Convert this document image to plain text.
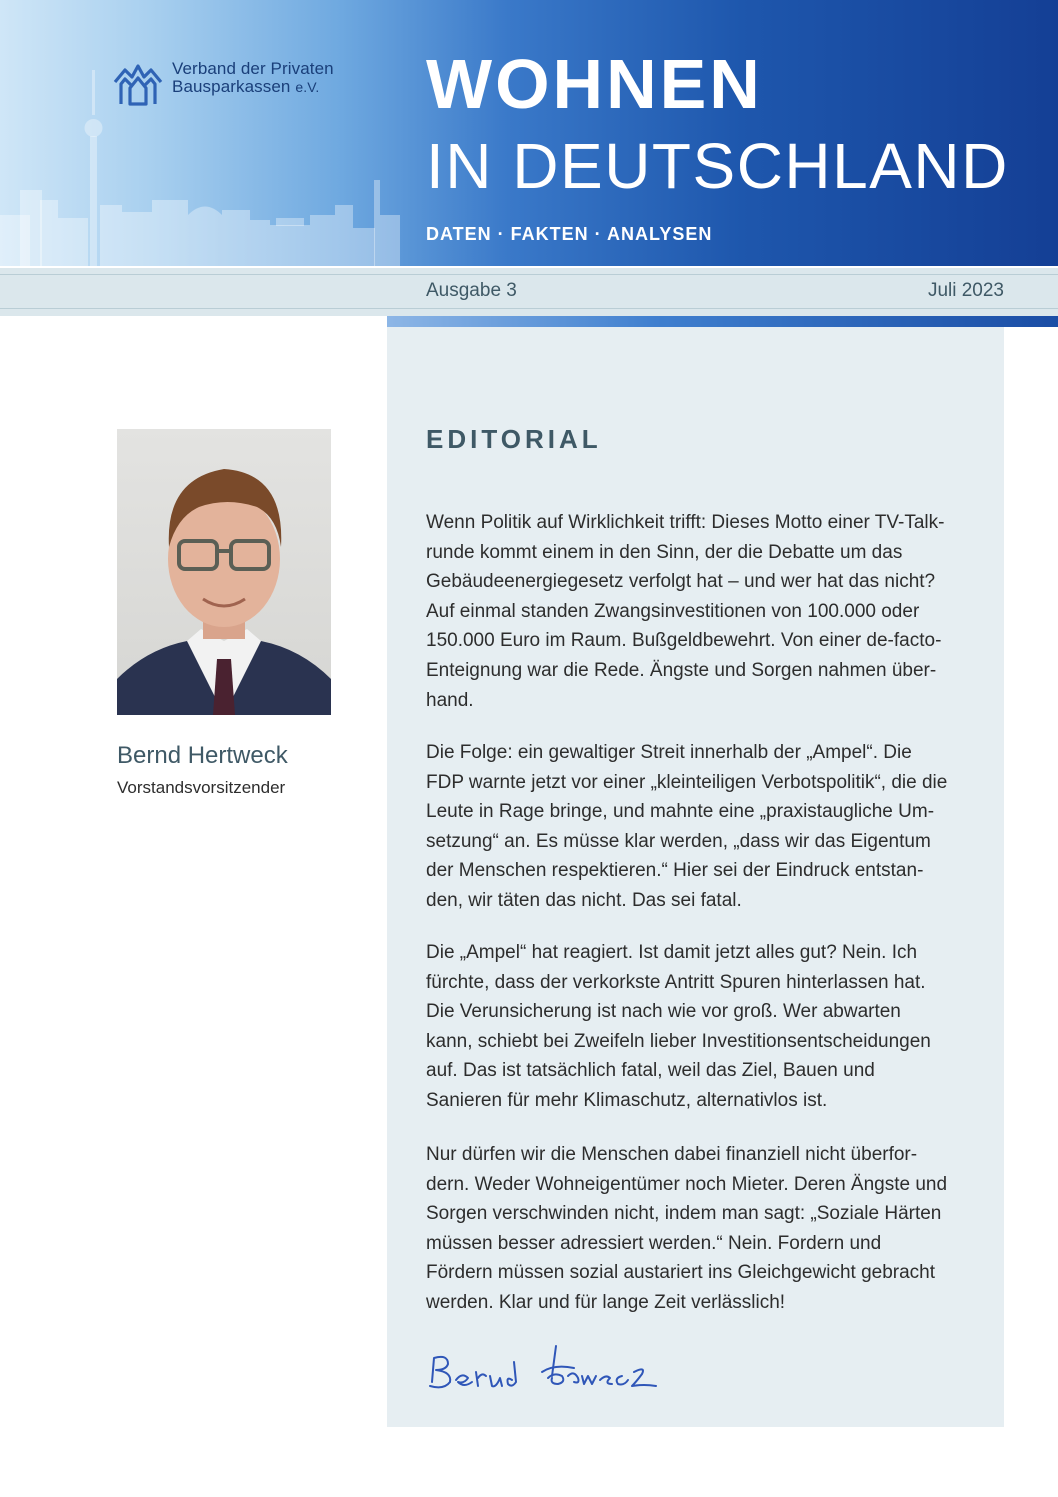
Verband der Privaten
Bausparkassen e.V. WOHNEN
IN DEUTSCHLAND
DATEN · FAKTEN · ANALYSEN
Ausgabe 3	Juli 2023
Bernd Hertweck
Vorstandsvorsitzender
EDITORIAL

Wenn Politik auf Wirklichkeit trifft: Dieses Motto einer TV-Talkrunde kommt einem in den Sinn, der die Debatte um das Gebäudeenergiegesetz verfolgt hat – und wer hat das nicht? Auf einmal standen Zwangsinvestitionen von 100.000 oder 150.000 Euro im Raum. Bußgeldbewehrt. Von einer de-facto-Enteignung war die Rede. Ängste und Sorgen nahmen überhand.

Die Folge: ein gewaltiger Streit innerhalb der „Ampel“. Die FDP warnte jetzt vor einer „kleinteiligen Verbotspolitik“, die die Leute in Rage bringe, und mahnte eine „praxistaugliche Umsetzung“ an. Es müsse klar werden, „dass wir das Eigentum der Menschen respektieren.“ Hier sei der Eindruck entstanden, wir täten das nicht. Das sei fatal.

Die „Ampel“ hat reagiert. Ist damit jetzt alles gut? Nein. Ich fürchte, dass der verkorkste Antritt Spuren hinterlassen hat. Die Verunsicherung ist nach wie vor groß. Wer abwarten kann, schiebt bei Zweifeln lieber Investitionsentscheidungen auf. Das ist tatsächlich fatal, weil das Ziel, Bauen und Sanieren für mehr Klimaschutz, alternativlos ist.

Nur dürfen wir die Menschen dabei finanziell nicht überfordern. Weder Wohneigentümer noch Mieter. Deren Ängste und Sorgen verschwinden nicht, indem man sagt: „Soziale Härten müssen besser adressiert werden.“ Nein. Fordern und Fördern müssen sozial austariert ins Gleichgewicht gebracht werden. Klar und für lange Zeit verlässlich!
